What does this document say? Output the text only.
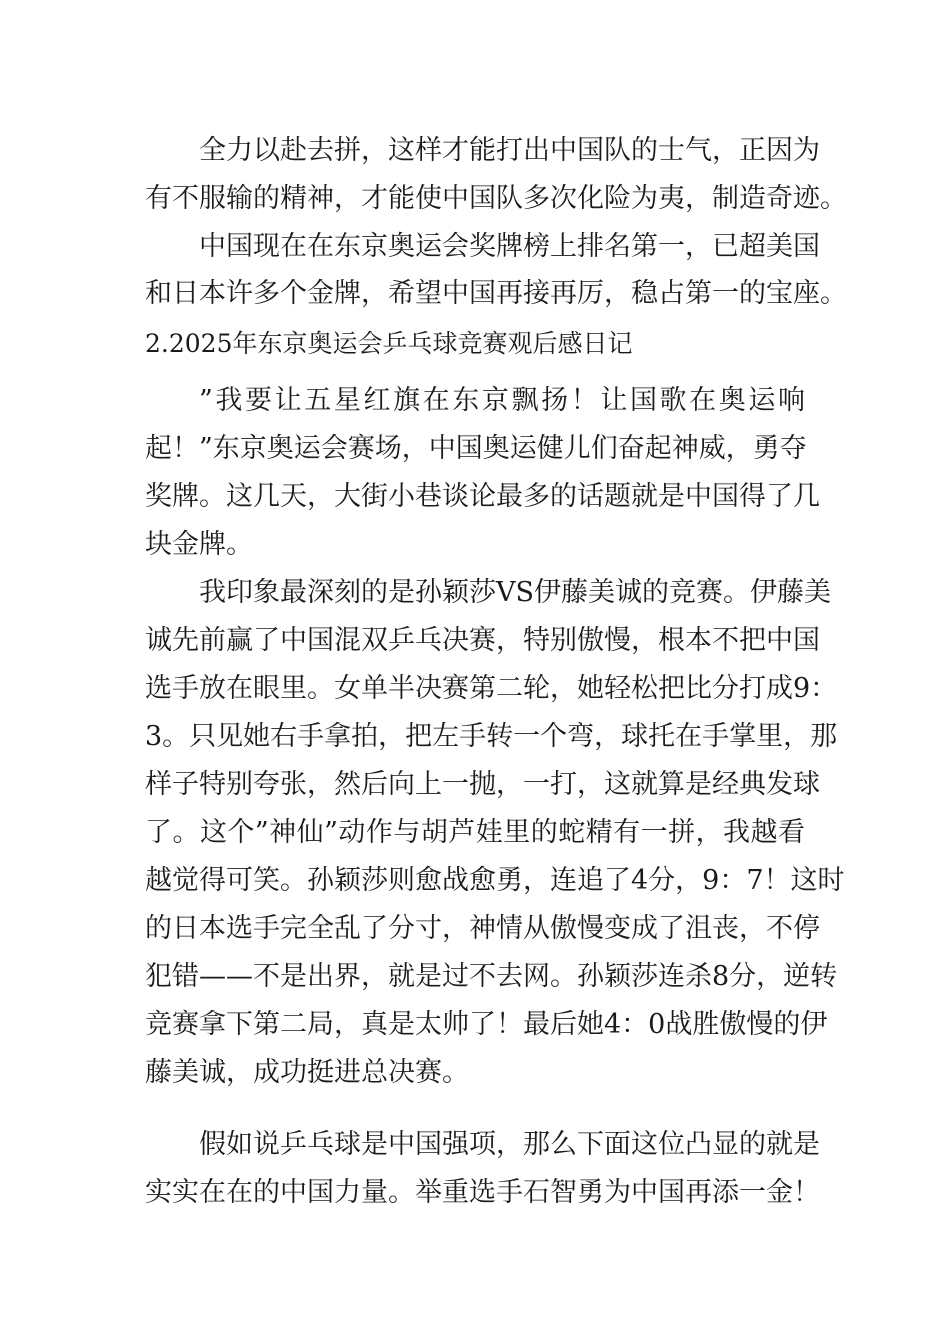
全力以赴去拼，这样才能打出中国队的士气，正因为
有不服输的精神，才能使中国队多次化险为夷，制造奇迹。
中国现在在东京奥运会奖牌榜上排名第一，已超美国
和日本许多个金牌，希望中国再接再厉，稳占第一的宝座。
2.2025年东京奥运会乒乓球竞赛观后感日记
”我要让五星红旗在东京飘扬！让国歌在奥运响
起！”东京奥运会赛场，中国奥运健儿们奋起神威，勇夺
奖牌。这几天，大街小巷谈论最多的话题就是中国得了几
块金牌。
我印象最深刻的是孙颖莎VS伊藤美诚的竞赛。伊藤美
诚先前赢了中国混双乒乓决赛，特别傲慢，根本不把中国
选手放在眼里。女单半决赛第二轮，她轻松把比分打成9：
3。只见她右手拿拍，把左手转一个弯，球托在手掌里，那
样子特别夸张，然后向上一抛，一打，这就算是经典发球
了。这个”神仙”动作与胡芦娃里的蛇精有一拼，我越看
越觉得可笑。孙颖莎则愈战愈勇，连追了4分，9：7！这时
的日本选手完全乱了分寸，神情从傲慢变成了沮丧，不停
犯错——不是出界，就是过不去网。孙颖莎连杀8分，逆转
竞赛拿下第二局，真是太帅了！最后她4：0战胜傲慢的伊
藤美诚，成功挺进总决赛。
假如说乒乓球是中国强项，那么下面这位凸显的就是
实实在在的中国力量。举重选手石智勇为中国再添一金！
